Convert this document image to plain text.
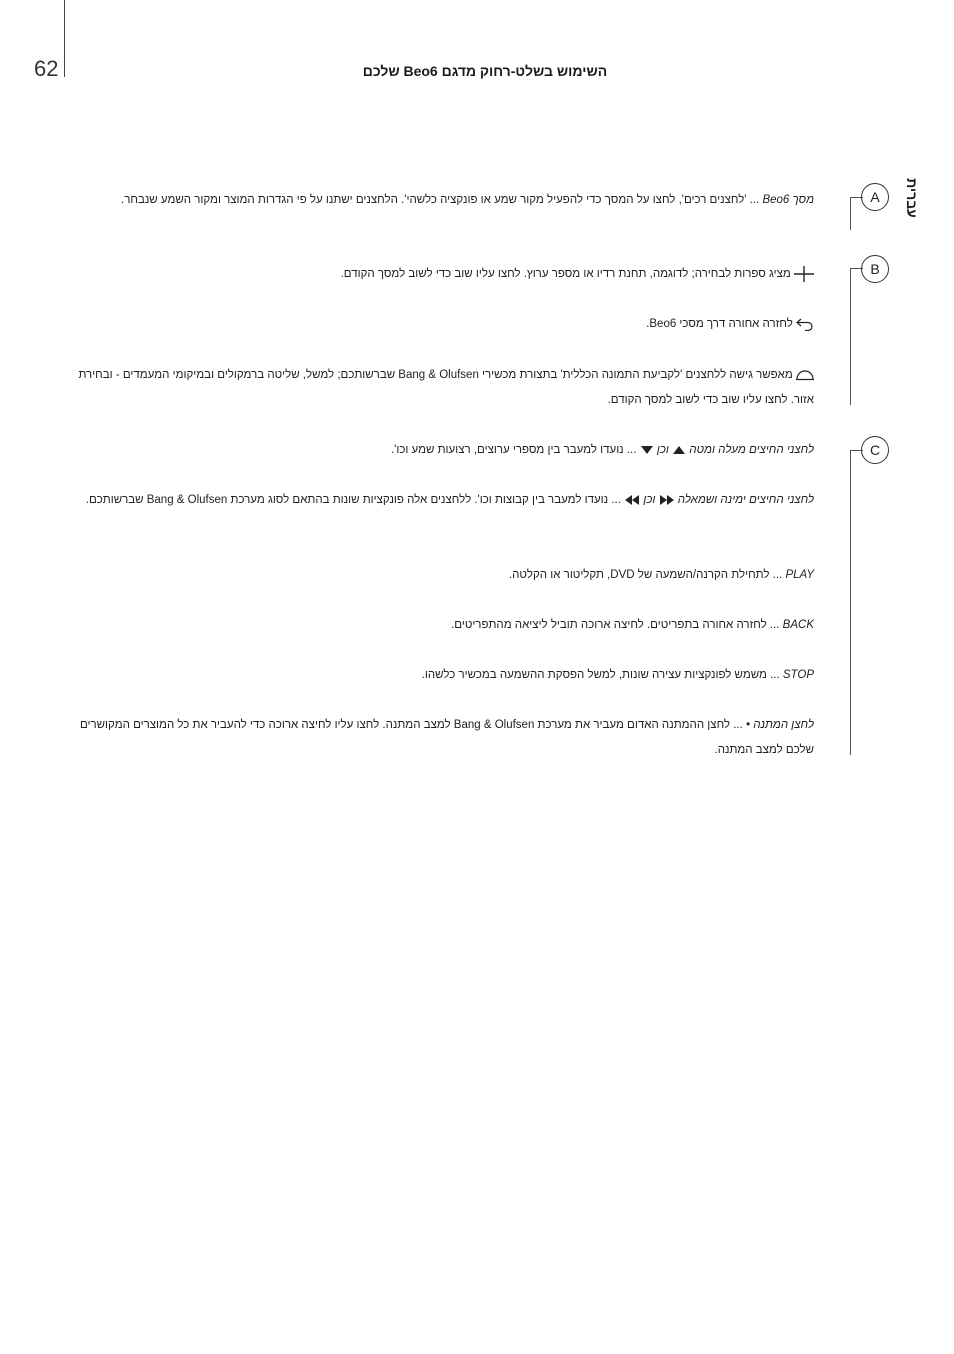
62	השימוש בשלט-רחוק מדגם Beo6 שלכם
עברית
A
B
C
מסך Beo6 ... 'לחצנים רכים', לחצו על המסך כדי להפעיל מקור שמע או פונקציה כלשהי'. הלחצנים ישתנו על פי הגדרות המוצר ומקור השמע שנבחר.
מציג ספרות לבחירה; לדוגמה, תחנת רדיו או מספר ערוץ. לחצו עליו שוב כדי לשוב למסך הקודם.
לחזרה אחורה דרך מסכי Beo6.
מאפשר גישה ללחצנים 'לקביעת התמונה הכללית' בתצורת מכשירי Bang & Olufsen שברשותכם; למשל, שליטה ברמקולים ובמיקומי המעמדים - ובחירת אזור. לחצו עליו שוב כדי לשוב למסך הקודם.
לחצני החיצים מעלה ומטה
וכן
... נועדו למעבר בין מספרי ערוצים, רצועות שמע וכו'.
לחצני החיצים ימינה ושמאלה
וכן
... נועדו למעבר בין קבוצות וכו'. ללחצנים אלה פונקציות שונות בהתאם לסוג מערכת Bang & Olufsen שברשותכם.
PLAY ... לתחילת הקרנה/השמעה של DVD, תקליטור או הקלטה.
BACK ... לחזרה אחורה בתפריטים. לחיצה ארוכה תוביל ליציאה מהתפריטים.
STOP ... משמש לפונקציות עצירה שונות, למשל הפסקת ההשמעה במכשיר כלשהו.
לחצן המתנה • ... לחצן ההמתנה האדום מעביר את מערכת Bang & Olufsen למצב המתנה. לחצו עליו לחיצה ארוכה כדי להעביר את כל המוצרים המקושרים שלכם למצב המתנה.
